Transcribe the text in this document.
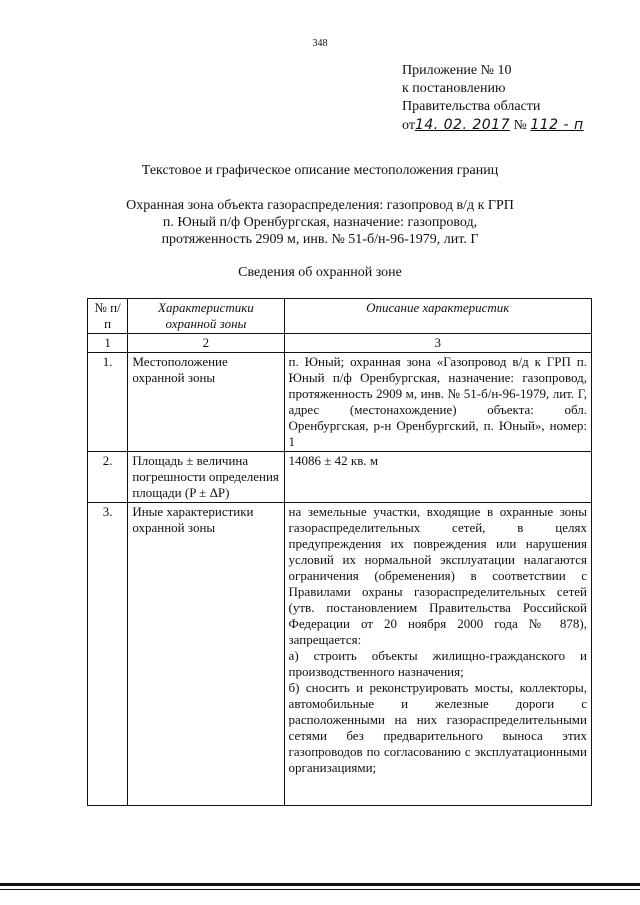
348
Приложение № 10
к постановлению
Правительства области
от14. 02. 2017 № 112 - п
Текстовое и графическое описание местоположения границ
Охранная зона объекта газораспределения: газопровод в/д к ГРП
п. Юный п/ф Оренбургская, назначение: газопровод,
протяженность 2909 м, инв. № 51-б/н-96-1979, лит. Г
Сведения об охранной зоне
№ п/п	Характеристики охранной зоны	Описание характеристик
1	2	3
1.	Местоположение охранной зоны	п. Юный; охранная зона «Газопровод в/д к ГРП п. Юный п/ф Оренбургская, назначение: газопровод, протяженность 2909 м, инв. № 51-б/н-96-1979, лит. Г, адрес (местонахождение) объекта: обл. Оренбургская, р-н Оренбургский, п. Юный», номер: 1
2.	Площадь ± величина погрешности определения площади (P ± ΔP)	14086 ± 42 кв. м
3.	Иные характеристики охранной зоны	на земельные участки, входящие в охранные зоны газораспределительных сетей, в целях предупреждения их повреждения или нарушения условий их нормальной эксплуатации налагаются ограничения (обременения) в соответствии с Правилами охраны газораспределительных сетей (утв. постановлением Правительства Российской Федерации от 20 ноября 2000 года № 878), запрещается:
а) строить объекты жилищно-гражданского и производственного назначения;
б) сносить и реконструировать мосты, коллекторы, автомобильные и железные дороги с расположенными на них газораспределительными сетями без предварительного выноса этих газопроводов по согласованию с эксплуатационными организациями;
